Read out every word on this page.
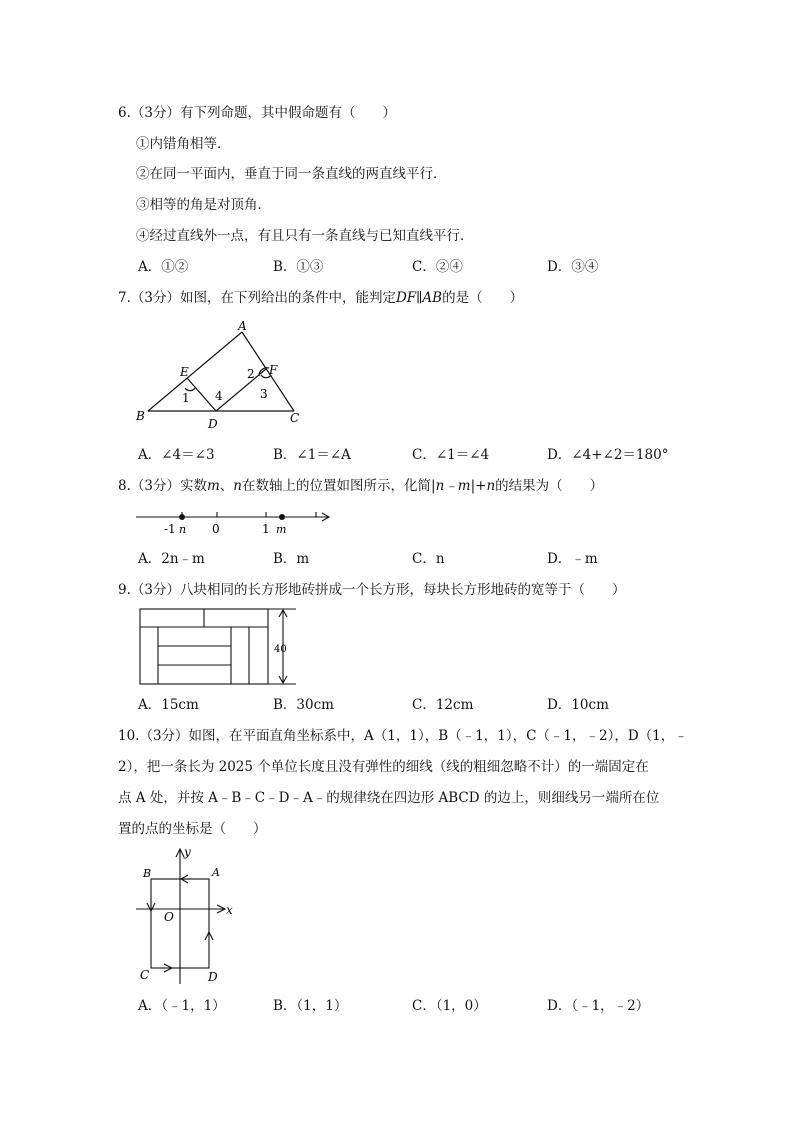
6.（3分）有下列命题，其中假命题有（　　）
①内错角相等．
②在同一平面内，垂直于同一条直线的两直线平行．
③相等的角是对顶角．
④经过直线外一点，有且只有一条直线与已知直线平行．
A．①②	B．①③	C．②④	D．③④
7.（3分）如图，在下列给出的条件中，能判定DF∥AB的是（　　）
A
B	C
D
E	F
1
2
3
4
A．∠4＝∠3	B．∠1＝∠A	C．∠1＝∠4	D．∠4+∠2＝180°
8.（3分）实数m、n在数轴上的位置如图所示，化简|n﹣m|+n的结果为（　　）
-1 n 0	1 m
A．2n﹣m	B．m	C．n	D．﹣m
9.（3分）八块相同的长方形地砖拼成一个长方形，每块长方形地砖的宽等于（　　）
40
A．15cm	B．30cm	C．12cm	D．10cm
10.（3分）如图，在平面直角坐标系中，A（1，1），B（﹣1，1），C（﹣1，﹣2），D（1，﹣
2），把一条长为 2025 个单位长度且没有弹性的细线（线的粗细忽略不计）的一端固定在
点 A 处，并按 A﹣B﹣C﹣D﹣A﹣的规律绕在四边形 ABCD 的边上，则细线另一端所在位
置的点的坐标是（　　）
A
B
C	D
O	x
y
A．（﹣1，1）	B．（1，1）	C．（1，0）	D．（﹣1，﹣2）
